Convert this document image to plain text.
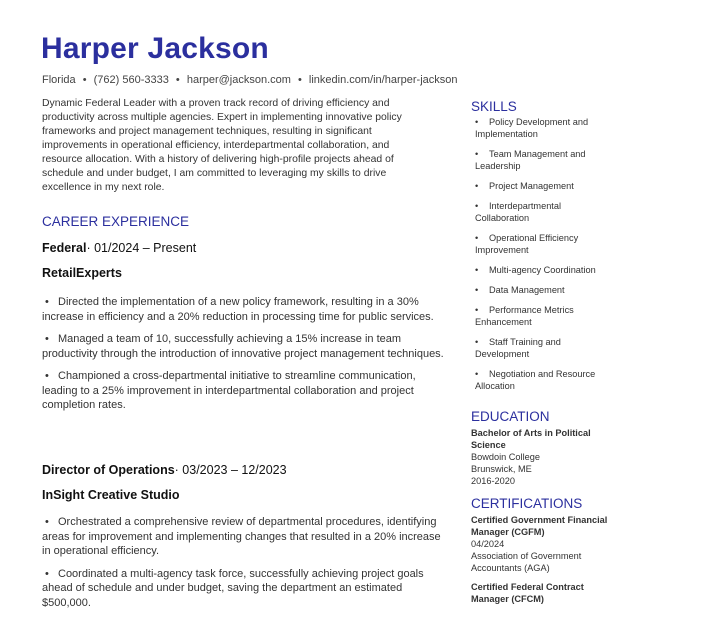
Harper Jackson
Florida • (762) 560-3333 • harper@jackson.com • linkedin.com/in/harper-jackson

Dynamic Federal Leader with a proven track record of driving efficiency and productivity across multiple agencies. Expert in implementing innovative policy frameworks and project management techniques, resulting in significant improvements in operational efficiency, interdepartmental collaboration, and resource allocation. With a history of delivering high-profile projects ahead of schedule and under budget, I am committed to leveraging my skills to drive excellence in my next role.

CAREER EXPERIENCE
Federal· 01/2024 – Present
RetailExperts
• Directed the implementation of a new policy framework, resulting in a 30% increase in efficiency and a 20% reduction in processing time for public services.
• Managed a team of 10, successfully achieving a 15% increase in team productivity through the introduction of innovative project management techniques.
• Championed a cross-departmental initiative to streamline communication, leading to a 25% improvement in interdepartmental collaboration and project completion rates.
Director of Operations· 03/2023 – 12/2023
InSight Creative Studio
• Orchestrated a comprehensive review of departmental procedures, identifying areas for improvement and implementing changes that resulted in a 20% increase in operational efficiency.
• Coordinated a multi-agency task force, successfully achieving project goals ahead of schedule and under budget, saving the department an estimated $500,000.
SKILLS
• Policy Development and Implementation
• Team Management and Leadership
• Project Management
• Interdepartmental Collaboration
• Operational Efficiency Improvement
• Multi-agency Coordination
• Data Management
• Performance Metrics Enhancement
• Staff Training and Development
• Negotiation and Resource Allocation
EDUCATION
Bachelor of Arts in Political Science
Bowdoin College
Brunswick, ME
2016-2020
CERTIFICATIONS
Certified Government Financial Manager (CGFM)
04/2024
Association of Government Accountants (AGA)
Certified Federal Contract Manager (CFCM)
